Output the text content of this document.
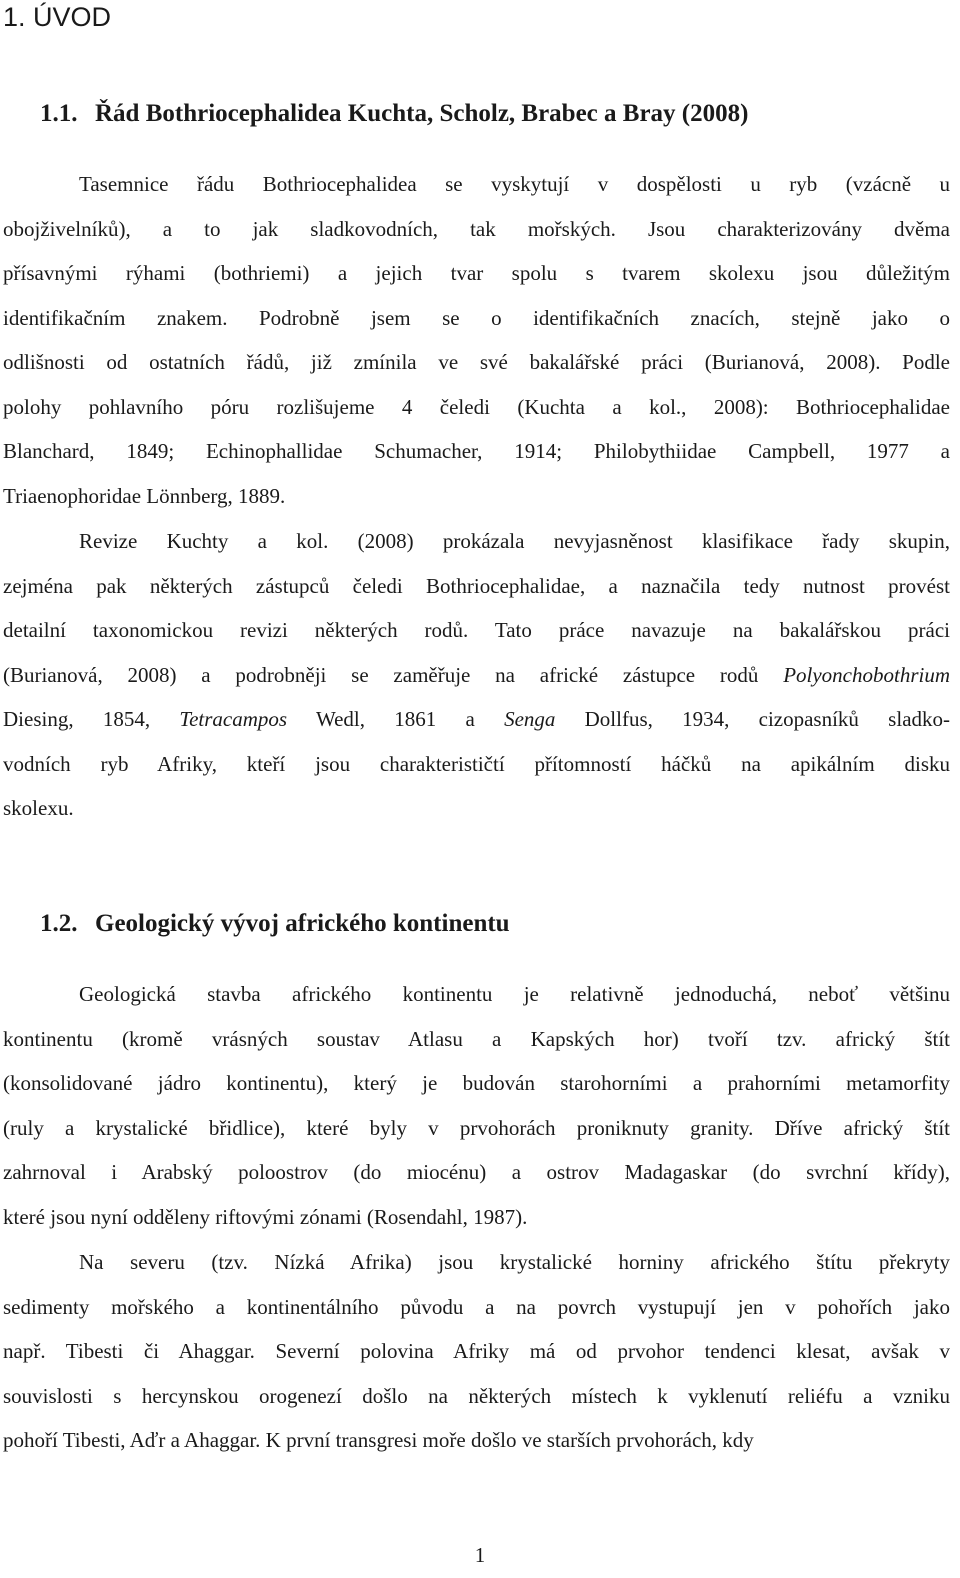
1. ÚVOD
1.1. Řád Bothriocephalidea Kuchta, Scholz, Brabec a Bray (2008)
Tasemnice řádu Bothriocephalidea se vyskytují v dospělosti u ryb (vzácně u
obojživelníků), a to jak sladkovodních, tak mořských. Jsou charakterizovány dvěma
přísavnými rýhami (bothriemi) a jejich tvar spolu s tvarem skolexu jsou důležitým
identifikačním znakem. Podrobně jsem se o identifikačních znacích, stejně jako o
odlišnosti od ostatních řádů, již zmínila ve své bakalářské práci (Burianová, 2008). Podle
polohy pohlavního póru rozlišujeme 4 čeledi (Kuchta a kol., 2008): Bothriocephalidae
Blanchard, 1849; Echinophallidae Schumacher, 1914; Philobythiidae Campbell, 1977 a
Triaenophoridae Lönnberg, 1889.
Revize Kuchty a kol. (2008) prokázala nevyjasněnost klasifikace řady skupin,
zejména pak některých zástupců čeledi Bothriocephalidae, a naznačila tedy nutnost provést
detailní taxonomickou revizi některých rodů. Tato práce navazuje na bakalářskou práci
(Burianová, 2008) a podrobněji se zaměřuje na africké zástupce rodů Polyonchobothrium
Diesing, 1854, Tetracampos Wedl, 1861 a Senga Dollfus, 1934, cizopasníků sladko-
vodních ryb Afriky, kteří jsou charakterističtí přítomností háčků na apikálním disku
skolexu.
1.2. Geologický vývoj afrického kontinentu
Geologická stavba afrického kontinentu je relativně jednoduchá, neboť většinu
kontinentu (kromě vrásných soustav Atlasu a Kapských hor) tvoří tzv. africký štít
(konsolidované jádro kontinentu), který je budován starohorními a prahorními metamorfity
(ruly a krystalické břidlice), které byly v prvohorách proniknuty granity. Dříve africký štít
zahrnoval i Arabský poloostrov (do miocénu) a ostrov Madagaskar (do svrchní křídy),
které jsou nyní odděleny riftovými zónami (Rosendahl, 1987).
Na severu (tzv. Nízká Afrika) jsou krystalické horniny afrického štítu překryty
sedimenty mořského a kontinentálního původu a na povrch vystupují jen v pohořích jako
např. Tibesti či Ahaggar. Severní polovina Afriky má od prvohor tendenci klesat, avšak v
souvislosti s hercynskou orogenezí došlo na některých místech k vyklenutí reliéfu a vzniku
pohoří Tibesti, Aďr a Ahaggar. K první transgresi moře došlo ve starších prvohorách, kdy
1
